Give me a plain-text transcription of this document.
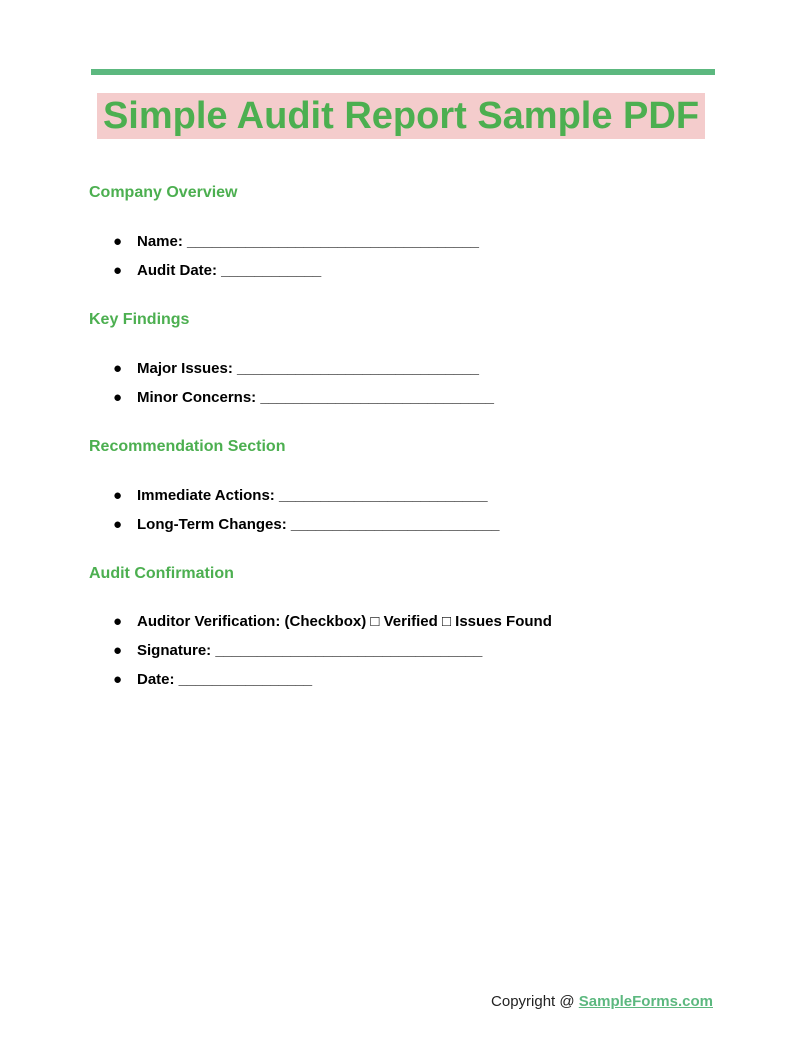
Simple Audit Report Sample PDF
Company Overview
● Name: ___________________________________
● Audit Date: ____________
Key Findings
● Major Issues: _____________________________
● Minor Concerns: ____________________________
Recommendation Section
● Immediate Actions: _________________________
● Long-Term Changes: _________________________
Audit Confirmation
● Auditor Verification: (Checkbox) □ Verified □ Issues Found
● Signature: ________________________________
● Date: ________________
Copyright @ SampleForms.com
